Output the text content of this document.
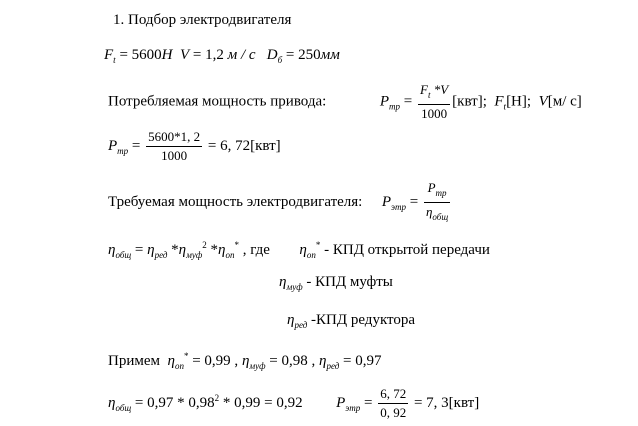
1. Подбор электродвигателя
$F_t = 5600Н$ V = 1,2 м / с $D_б = 250мм$
Потребляемая мощность привода:	$P_{тр} = \frac{F_t *V}{1000} [квт]$; $F_t[Н]$; V[м/ с]
$P_{тр} = \frac{5600*1, 2}{1000} = 6$, 72[квт]
Требуемая мощность электродвигателя: $P_{эmр} = \frac{P_{тр}}{\eta_{общ}}$
$\eta_{общ} = \eta_{ред}$ $*\eta_{муф}^2$ $*\eta_{оп}^*$ , где $\eta_{оп}^*$ - КПД открытой передачи
$\eta_{муф}$ - КПД муфты
$\eta_{ред}$ -КПД редуктора
Примем $\eta_{оп}^* = 0,99$ , $\eta_{муф} = 0,98$ , $\eta_{ред} = 0,97$
$\eta_{общ} = 0,97 * 0,98^2 * 0,99 = 0,92$ $P_{эmр} = \frac{6, 72}{0, 92} = 7$, 3[квт]
